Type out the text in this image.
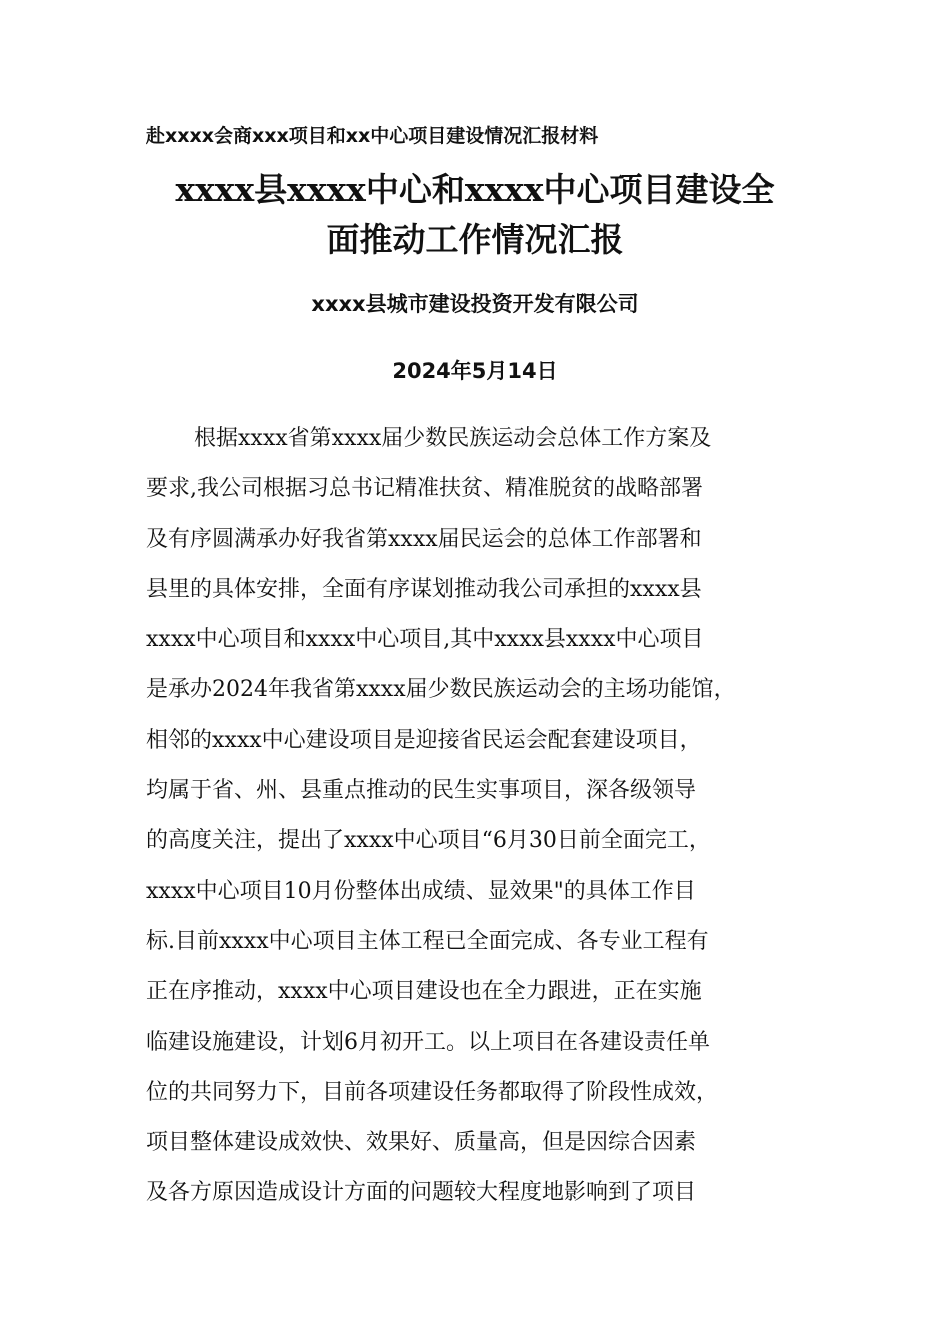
赴xxxx会商xxx项目和xx中心项目建设情况汇报材料
xxxx县xxxx中心和xxxx中心项目建设全
面推动工作情况汇报
xxxx县城市建设投资开发有限公司
2024年5月14日
根据xxxx省第xxxx届少数民族运动会总体工作方案及
要求,我公司根据习总书记精准扶贫、精准脱贫的战略部署
及有序圆满承办好我省第xxxx届民运会的总体工作部署和
县里的具体安排，全面有序谋划推动我公司承担的xxxx县
xxxx中心项目和xxxx中心项目,其中xxxx县xxxx中心项目
是承办2024年我省第xxxx届少数民族运动会的主场功能馆，
相邻的xxxx中心建设项目是迎接省民运会配套建设项目，
均属于省、州、县重点推动的民生实事项目，深各级领导
的高度关注，提出了xxxx中心项目“6月30日前全面完工，
xxxx中心项目10月份整体出成绩、显效果"的具体工作目
标.目前xxxx中心项目主体工程已全面完成、各专业工程有
正在序推动，xxxx中心项目建设也在全力跟进，正在实施
临建设施建设，计划6月初开工。以上项目在各建设责任单
位的共同努力下，目前各项建设任务都取得了阶段性成效，
项目整体建设成效快、效果好、质量高，但是因综合因素
及各方原因造成设计方面的问题较大程度地影响到了项目
